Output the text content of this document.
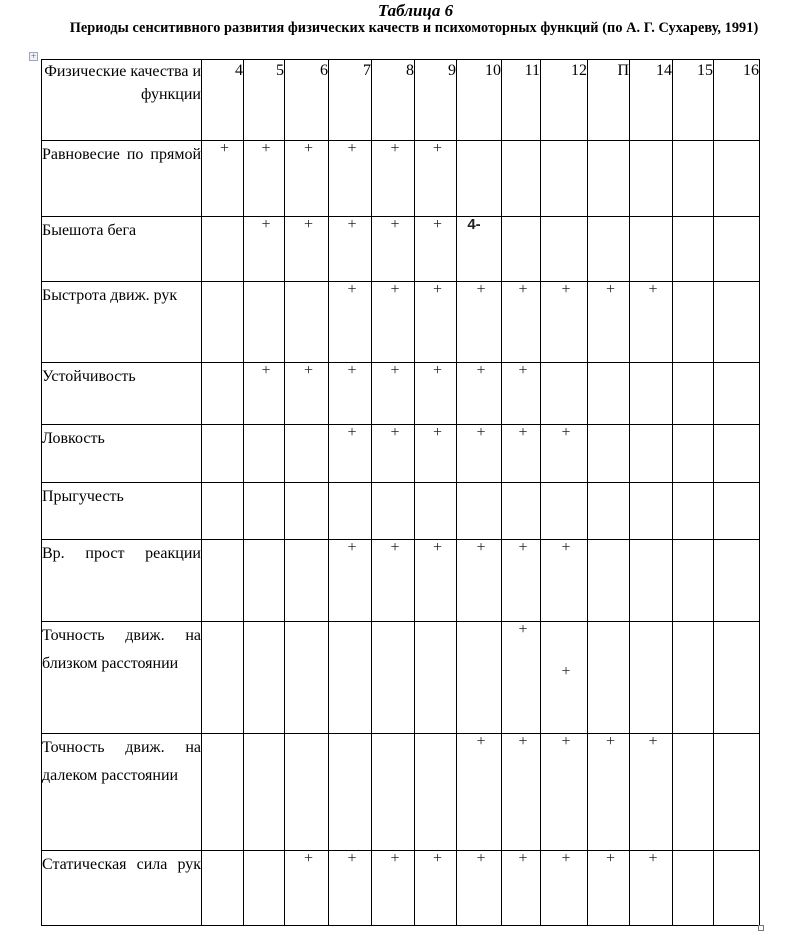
Таблица 6
Периоды сенситивного развития физических качеств и психомоторных функций (по А. Г. Сухареву, 1991)
+
Физические качества и функции	4	5	6	7	8	9	10	11	12	П	14	15	16
Равновесие по прямой	+	+	+	+	+	+							

Быешота бега		+	+	+	+	+	4-						

Быстрота движ. рук				+	+	+	+	+	+	+	+		

Устойчивость		+	+	+	+	+	+	+					

Ловкость				+	+	+	+	+	+				

Прыгучесть	

Вр. прост реакции				+	+	+	+	+	+				

Точность движ. на близком расстоянии								+	+				

Точность движ. на далеком расстоянии							+	+	+	+	+		

Статическая сила рук			+	+	+	+	+	+	+	+	+		
